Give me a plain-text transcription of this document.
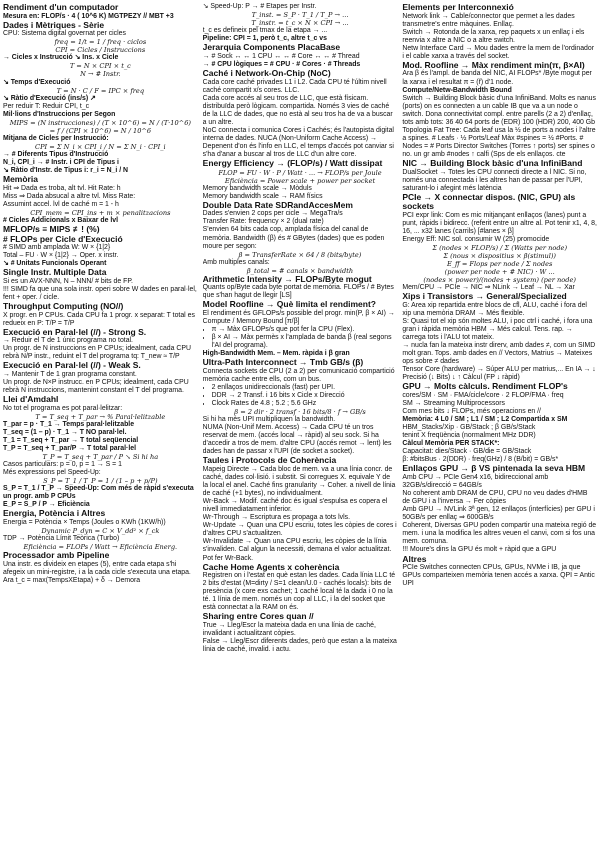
Rendiment d'un computador

Mesura en: FLOP/s · 4 ( 10^6 K) MGTPEZY // MBT +3

Dades i Mètriques - Sèrie

CPU: Sistema digital governat per cicles

freq = 1/t = 1 / freq · ciclos

CPI = Cicles / Instruccions

→ Cicles x Instrucció ↘ Ins. x Cicle

T = N × CPI × t_c

N → # Instr.

↘ Temps d'Execució

T = N · C / F = IPC × freq

↘ Ràtio d'Execució (ins/s) ↗

Per reduir T: Reduir CPI, t_c

Mil·lions d'Instruccions per Segon

MIPS = (N instrucciones) / (T × 10^6) = N / (T·10^6)

= f / (CPI × 10^6) = N / 10^6

Mitjana de Cicles per Instrucció:

CPI = Σ N_i × CPI_i / N = Σ N_i · CPI_i

→ # Diferents Tipus d'Instrucció

N_i, CPI_i → # Instr. i CPI de Tipus i

↘ Ràtio d'Instr. de Tipus i: r_i = N_i / N

Memòria

Hit ⇒ Dada es troba, alt tvl. Hit Rate: h

Miss ⇒ Dada absucal a altre tvl. Miss Rate:

Assumint accel. lvl de caché m = 1 - h

CPI_mem = CPI_ins + m × penalitzacions

# Cicles Addicionals x Baixar de lvl

MFLOP/s ≡ MIPS ≢! (%)

# FLOPs per Cicle d'Execució

# SIMD amb amplada W: W × {1|2}

Total – FU · W × {1|2} → Oper. x instr.

↘ # Unitats Funcionals Operant

Single Instr. Multiple Data

Si es un AVX-NNN, N – NNN/ # bits de FP.

!!! SIMD fa que una sola instr. operi sobre W dades en paral·lel, fent + oper. / cicle.

Throughput Computing (NO//)

X progr. en P CPUs. Cada CPU fa 1 progr. x separat: T total es redueix en P: T/P = T/P

Execució en Paral·lel (//) - Strong S.

→ Reduir el T de 1 únic programa no total.

Un progr. de N instruccions en P CPUs; idealment, cada CPU rebrà N/P instr., reduint el T del programa tq: T_new ≈ T/P

Execució en Paral·lel (//) - Weak S.

→ Mantenir T de 1 gran programa constant.

Un progr. de N×P instrucc. en P CPUs; idealment, cada CPU rebrà N instruccions, mantenint constant el T del programa.

Llei d'Amdahl

No tot el programa es pot paral·lelitzar:

T = T_seq + T_par → % Paral·lelitzable

T_par = p · T_1 → Temps paral·lelitzable

T_seq = (1 – p) · T_1 → T NO paral·lel.

T_1 = T_seq + T_par → T total seqüencial

T_P = T_seq + T_par/P → T total paral·lel

T_P = T_seq + T_par / P ↘ Si hi ha

Casos particulars: p = 0, p = 1 → S = 1

Més expressions pel Speed-Up:

S_P = T_1 / T_P = 1 / (1 – p + p/P)

S_P = T_1 / T_P → Speed-Up: Com més de ràpid s'executa un progr. amb P CPUs

E_P = S_P / P → Eficiència

Energia, Potència i Altres

Energia = Potència × Temps (Joules o KWh (1KW/h))

Dynamic P_dyn = C × V_dd² × f_ck

TDP → Potència Límit Teòrica (Turbo)

Eficiència = FLOPs / Watt → Eficiència Energ.

Processador amb Pipeline

Una instr. es divideix en etapes (5), entre cada etapa s'hi afegeix un mini-registre, i a la cada cicle s'executa una etapa. Ara t_c = max(TempsXEtapa) + δ → Demora

↘ Speed-Up: P → # Etapes per Instr.

T_inst. = S_P · T_1 / T_P → ...

T_instr. = t_c × N × CPI → ...

t_c es defineix pel tmax de la etapa → ...

Pipeline: CPI = 1, però t_c, altre t_c vs

Jerarquia Components PlacaBase

→ # Sock ↔ ↔ 1 CPU ↔ ↔ # Core ↔ ↔ # Thread

→ # CPU lògiques = # CPU · # Cores · # Threads

Caché i Network-On-Chip (NoC)

Cada core caché privades L1 i L2. Cada CPU té l'últim nivell caché compartit x/s cores. LLC.

Cada core accés al seu tros de LLC, que està físicam. distribuïda però lògicam. compartida. Només 3 vies de caché de la LLC de dades, que no està al seu tros ha de va a buscar a un altre.

NoC connecta i comunica Cores i Cachés; és l'autopista digital interna de dades. NUCA (Non-Uniform Cache Access) → Depenent d'on és l'info en LLC, el temps d'accés pot canviar si s'ha d'anar a buscar al tros de LLC d'un altre core.

Energy Efficiency → (FLOP/s) / Watt dissipat

FLOP = FU · W · P / Watt · ... → FLOP/s per Joule

Eficiència = Power scale + power per socket

Memory bandwidth scale → Mòduls

Memory bandwidth scale → RAM físics

Double Data Rate SDRandAccesMem

Dades s'envien 2 cops per cicle → MegaTra/s

Transfer Rate: frequency × 2 (dual rate)

S'envien 64 bits cada cop, amplada física del canal de memòria. Bandwidth (β) és # GBytes (dades) que es poden moure per segon:

β = TransferRate × 64 / 8 (bits/byte)

Amb multiples canals:

β_total = # canals × bandwidth

Arithmetic Intensity → FLOPs/Byte mogut

Quants op/Byte cada byte portat de memòria. FLOPs / # Bytes que s'han hagut de llegir [LS]

Model Roofline → Què limita el rendiment?

El rendiment és GFLOPs/s possible del progr. min(Ρ, β × AI) → Compute / Memory Bound [π/β]

• π → Màx GFLOPs/s que pot fer la CPU (Flex).
• β × AI → Màx permès x l'amplada de banda β (real segons l'AI del programa).

High-Bandwidth Mem. – Mem. ràpida i β gran

Ultra-Path Interconnect → Tmb GB/s (β)

Connecta sockets de CPU (2 a 2) per comunicació compartició memòria cache entre ells, com un bus.

• 2 enllaços unidireccionals (fast) per UPI.
• DDR → 2 Transf. i 16 bits x Cicle x Direcció
• Clock Rates de 4.8 ; 5.2 ; 5.6 GHz

β = 2 dir · 2 transf · 16 bits/8 · f → GB/s

Si hi ha més UPI multipliquen la bandwidth.

NUMA (Non-Unif Mem. Access) → Cada CPU té un tros reservat de mem. (accés local → ràpid) al seu sock. Si ha d'accedir a tros de mem. d'altre CPU (accés remot → lent) les dades han de passar x l'UPI (de socket a socket).

Taules i Protocols de Coherència

Mapeig Directe → Cada bloc de mem. va a una línia concr. de caché, dades col·lisió. i substit. Si corregues X. equivale Y de la local el anel. Caché fins granularity → Coher. a nivell de línia de caché (+1 bytes), no individualment.

Wr-Back → Modif. caché doc és igual s'espulsa es copera el nivell immediatament inferior.

Wr-Through → Escriptura es propaga a tots lvls.

Wr-Update → Quan una CPU escriu, totes les còpies de cores i d'altres CPU s'actualitzen.

Wr-Invalidate → Quan una CPU escriu, les còpies de la línia s'invaliden. Cal algun la necessiti, demana el valor actualitzat. Pot fer Wr-Back.

Cache Home Agents x coherència

Registren on i l'estat en què estan les dades. Cada línia LLC té 2 bits d'estat (M=dirty / S=1 clean/U.0 - cachés locals): bits de presència (x core exs cachet; 1 caché local té la dada i 0 no la té. 1 línia de mem. només un cop al LLC, i la del socket que està connectat a la RAM on és.

Sharing entre Cores quan //

True → Lleg/Escr la mateixa dada en una línia de caché, invalidant i actualitzant còpies.

False → Lleg/Escr diferents dades, però que estan a la mateixa línia de caché, invalid. i actu.

Elements per Interconnexió

Network link → Cable/connector que permet a les dades transmetre's entre màquines. Enllaç.

Switch → Rotonda de la xarxa, rep paquets x un enllaç i els reenvia x altre a NIC o a altre switch.

Netw Interface Card → Mou dades entre la mem de l'ordinador i el cable xarxa a través del socket.

Mod. Roofline → Màx rendiment min(π, β×AI)

Ara β és l'ampl. de banda del NIC, AI FLOPs* /Byte mogut per la xarxa i el resultat π = (ř) d'1 node.

Compute/Netw-Bandwidth Bound

Switch → Building Block bàsic d'una InfiniBand. Molts es nanus (ports) on es connecten a un cable IB que va a un node o switch. Dona connectivitat compl. entre parells (2 a 2) d'enllaç, tots amb tots: 36 40 64 ports de (EDR) 100 (HDR) 200, 400 Gb

Topologia Fat Tree: Cada leaf usa la ½ de ports a nodes i l'altre a spines. # Leafs · ½ Ports/Leaf Màx #spines = ½ #Ports. # Nodes = # Ports Director Switches (Torres ↑ ports) ser spines o no. un gr amb #nodes ↑ calfi (Sps de els enllaços. cte

NIC → Building Block bàsic d'una InfiniBand

DualSocket → Totes les CPU connecti directe a l NIC. Si no, només una connectada i les altres han de passar per l'UPI, saturant-lo i afegint més latència

PCIe → X connectar dispos. (NIC, GPU) als sockets

PCI expr link: Com es mic mitjançant enllaços (lanes) punt a punt, ràpids i bidirecc. (referit entre un altre al. Pot tenir x1, 4, 8, 16, ... x32 lanes (carrils) [#lanes × β]

Energy Eff: NIC sol. consumir W (25) promocide

Σ (nodes × FLOP/s) / Σ (Watts per node)

Σ (nous × dispositius × β(stimul))

E_ff = Flops per node / Σ nodes

(power per node + # NIC) · W ...

(nodes × power)/(nodes + system) (per node)

Mem/CPU → PCIe → NIC ⇒ NLink → Leaf → NL → Xar

Xips i Transistors → General/Specialized

G: Area xip repartida entre blocs de cfl, ALU, caché i fora del xip una memòria DRAM → Més flexible.

S: Quasi tot el xip són moltes ALU, i poc ctrl i caché, i fora una gran i ràpida memòria HBM → Més calcul. Tens. rap. → carrega tots i l'ALU tot mateix.

→ nucla fan la mateixa instr direrv, amb dades ≠, com un SIMD molt gran. Tops. amb dades en // Vectors, Matrius → Mateixes ops sobre ≠ dades

Tensor Core (hardware) → Súper ALU per matrius,... En IA → ↓ Precisió (↓ Bits) ↓ ↑ Càlcul (FP ↓ ràpid)

GPU → Molts càlculs. Rendiment FLOP's

cores/SM · SM · FMA/cicle/core · 2 FLOP/FMA · freq

SM → Streaming Multiprocessors

Com mes bits ↓ FLOPs, més operacions en //

Memòria: 4 L0 / SM ; L1 / SM ; L2 Compartida x SM

HBM_Stacks/Xip · GB/Stack ; β GB/s/Stack

tenint X freqüència (normalment MHz DDR)

Càlcul Memòria PER STACK*:

Capacitat: dies/Stack · GB/die = GB/Stack

β: #bitsBus · 2(DDR) · freq(GHz) / 8 (B/bit) = GB/s*

Enllaços GPU → β VS pintenada la seva HBM

Amb CPU → PCIe Gen4 x16, bidireccional amb 32GB/s/direcció = 64GB/s

No coherent amb DRAM de CPU, CPU no veu dades d'HMB de GPU i a l'inversa → Fer còpies

Amb GPU → NVLink 3ª gen, 12 enllaços (interfícies) per GPU i 50GB/s per enllaç ⇒ 600GB/s

Coherent, Diversas GPU poden compartir una mateixa regió de mem. i una la modifica les altres veuen el canvi, com si fos una mem. comuna.

!!! Moure's dins la GPU és molt + ràpid que a GPU

Altres

PCIe Switches connecten CPUs, GPUs, NVMe i IB, ja que GPUs comparteixen memòria tenen accés a xarxa. QPI = Antic UPI
